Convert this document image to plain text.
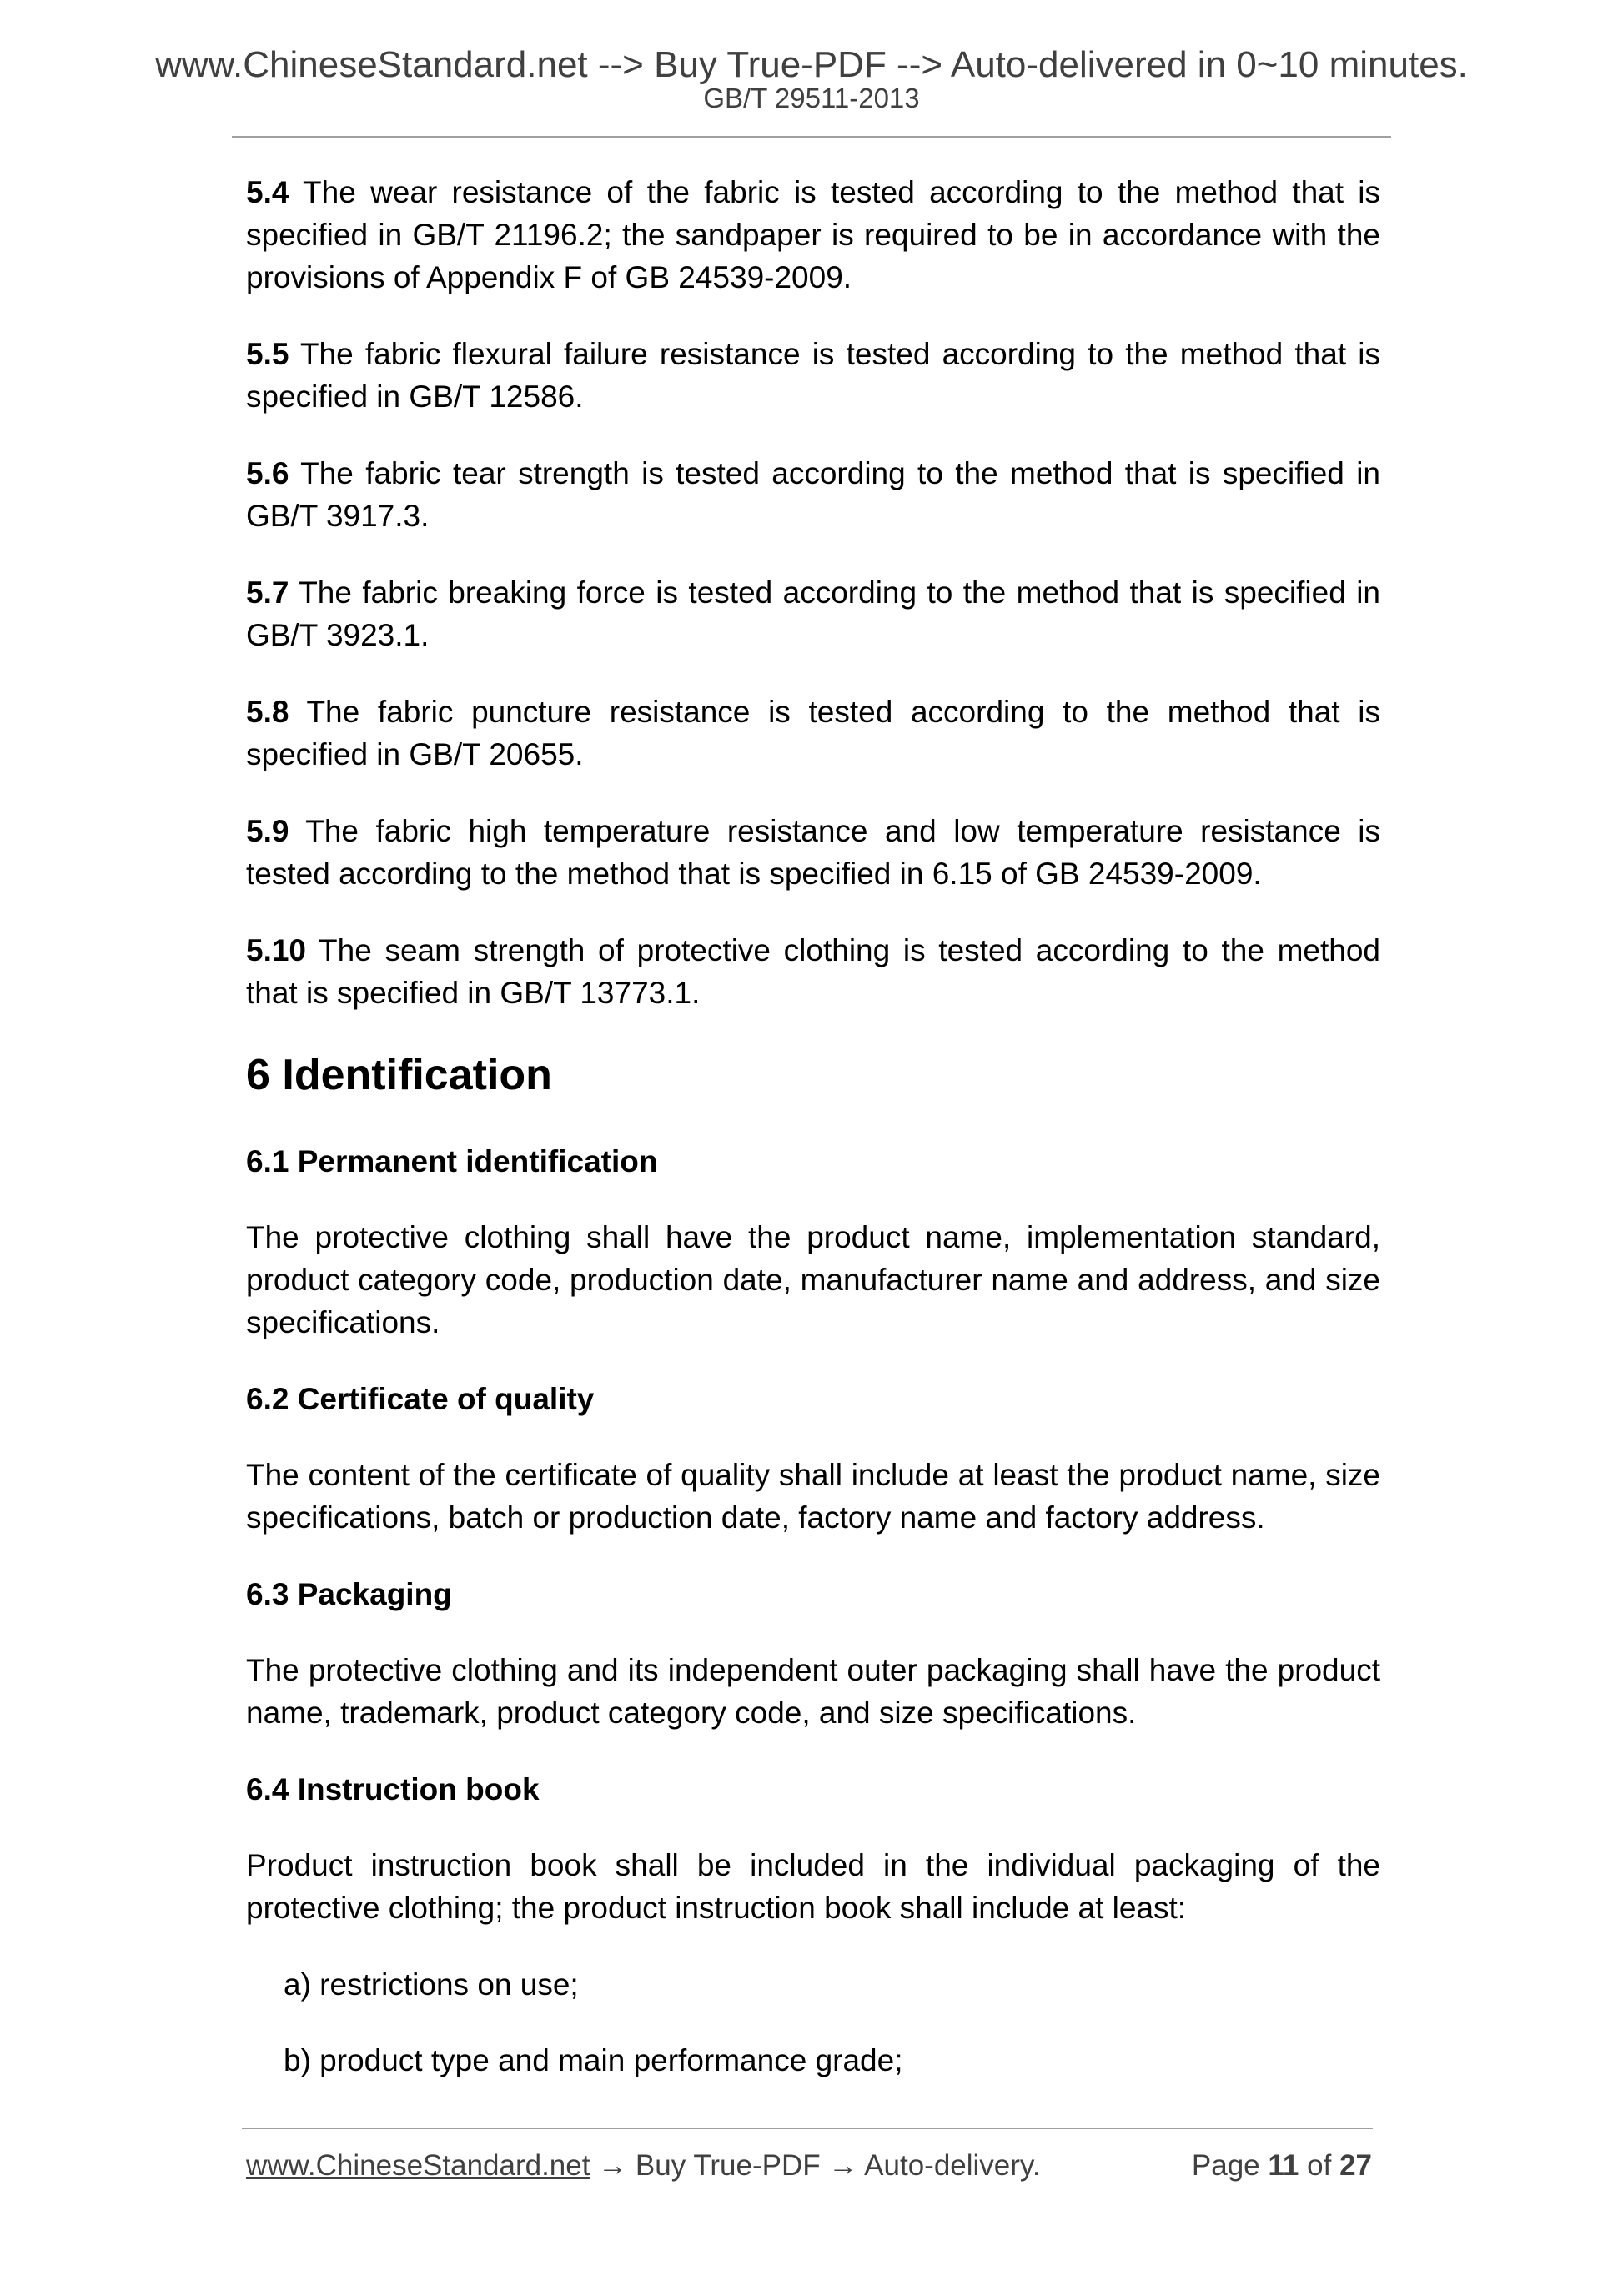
www.ChineseStandard.net --> Buy True-PDF --> Auto-delivered in 0~10 minutes.
GB/T 29511-2013

5.4 The wear resistance of the fabric is tested according to the method that is specified in GB/T 21196.2; the sandpaper is required to be in accordance with the provisions of Appendix F of GB 24539-2009.

5.5 The fabric flexural failure resistance is tested according to the method that is specified in GB/T 12586.

5.6 The fabric tear strength is tested according to the method that is specified in GB/T 3917.3.

5.7 The fabric breaking force is tested according to the method that is specified in GB/T 3923.1.

5.8 The fabric puncture resistance is tested according to the method that is specified in GB/T 20655.

5.9 The fabric high temperature resistance and low temperature resistance is tested according to the method that is specified in 6.15 of GB 24539-2009.

5.10 The seam strength of protective clothing is tested according to the method that is specified in GB/T 13773.1.

6 Identification
6.1 Permanent identification

The protective clothing shall have the product name, implementation standard, product category code, production date, manufacturer name and address, and size specifications.

6.2 Certificate of quality

The content of the certificate of quality shall include at least the product name, size specifications, batch or production date, factory name and factory address.

6.3 Packaging

The protective clothing and its independent outer packaging shall have the product name, trademark, product category code, and size specifications.

6.4 Instruction book

Product instruction book shall be included in the individual packaging of the protective clothing; the product instruction book shall include at least:

a) restrictions on use;
b) product type and main performance grade;
www.ChineseStandard.net → Buy True-PDF → Auto-delivery.	Page 11 of 27
